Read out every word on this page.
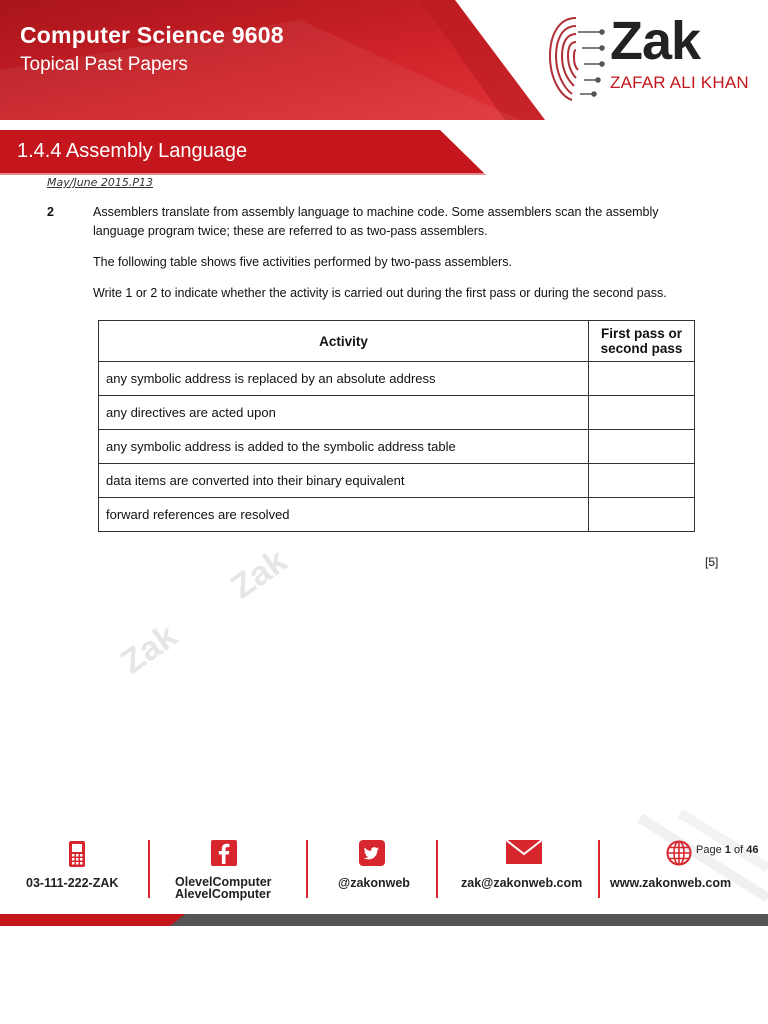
Computer Science 9608
Topical Past Papers	Zak
ZAFAR ALI KHAN
1.4.4 Assembly Language
May/June 2015.P13
2	Assemblers translate from assembly language to machine code. Some assemblers scan the assembly language program twice; these are referred to as two-pass assemblers.
The following table shows five activities performed by two-pass assemblers.
Write 1 or 2 to indicate whether the activity is carried out during the first pass or during the second pass.
Activity	First pass or
second pass
any symbolic address is replaced by an absolute address	
any directives are acted upon	
any symbolic address is added to the symbolic address table	
data items are converted into their binary equivalent	
forward references are resolved	
[5]
Zak
Zak
03-111-222-ZAK	OlevelComputer
AlevelComputer
@zakonweb	zak@zakonweb.com
Page 1 of 46
www.zakonweb.com
